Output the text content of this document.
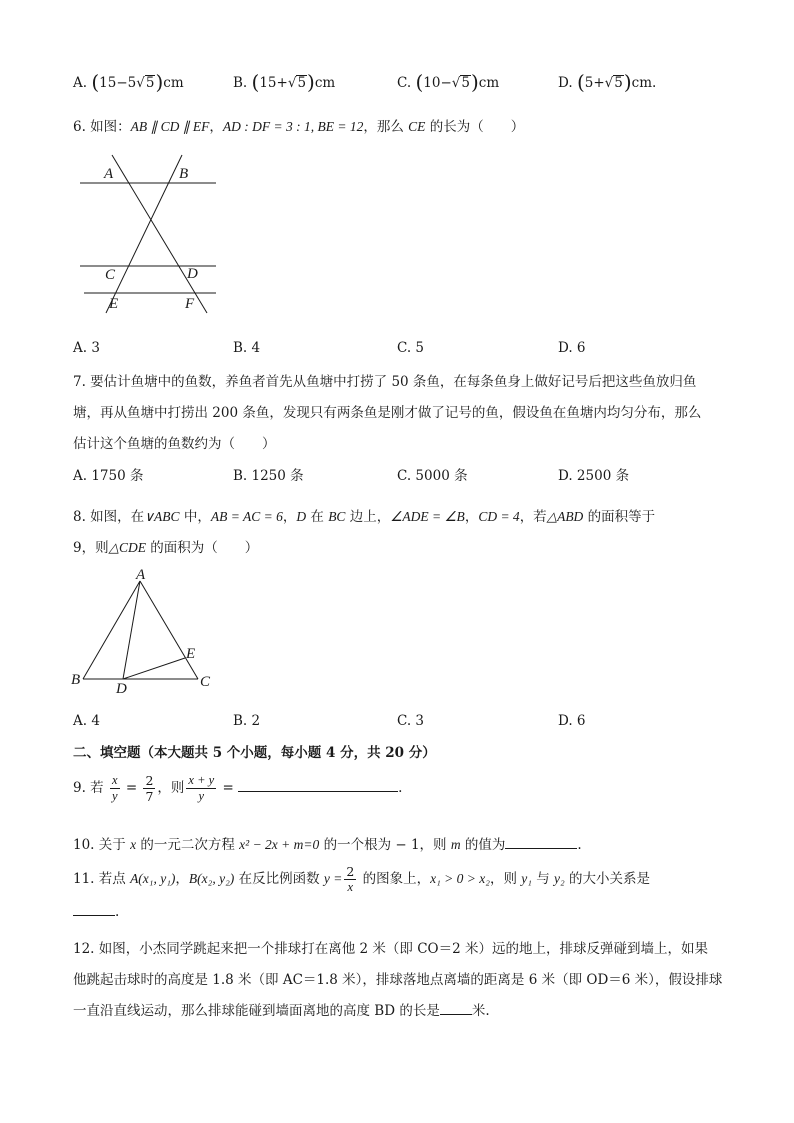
A. (15−5√5)cm	B. (15+√5)cm	C. (10−√5)cm	D. (5+√5)cm.
6. 如图：AB ∥ CD ∥ EF，AD : DF = 3 : 1, BE = 12，那么 CE 的长为（　　）
A	B
C	D
E	F
A. 3	B. 4	C. 5	D. 6
7. 要估计鱼塘中的鱼数，养鱼者首先从鱼塘中打捞了 50 条鱼，在每条鱼身上做好记号后把这些鱼放归鱼
塘，再从鱼塘中打捞出 200 条鱼，发现只有两条鱼是刚才做了记号的鱼，假设鱼在鱼塘内均匀分布，那么
估计这个鱼塘的鱼数约为（　　）
A. 1750 条	B. 1250 条	C. 5000 条	D. 2500 条
8. 如图，在∨ABC 中，AB = AC = 6，D 在 BC 边上，∠ADE = ∠B，CD = 4，若△ABD 的面积等于
9，则△CDE 的面积为（　　）
A
B	C
D
E
A. 4	B. 2	C. 3	D. 6
二、填空题（本大题共 5 个小题，每小题 4 分，共 20 分）
9. 若 $\frac{x}{y} = \frac{2}{7}$ ，则 $\frac{x + y}{y}$ =	.
10. 关于 x 的一元二次方程 x² − 2x + m=0 的一个根为 − 1，则 m 的值为	.
11. 若点 A(x₁, y₁)，B(x₂, y₂) 在反比例函数 $y = \frac{2}{x}$ 的图象上，x₁ > 0 > x₂，则 y₁ 与 y₂ 的大小关系是
.
12. 如图，小杰同学跳起来把一个排球打在离他 2 米（即 CO＝2 米）远的地上，排球反弹碰到墙上，如果
他跳起击球时的高度是 1.8 米（即 AC＝1.8 米），排球落地点离墙的距离是 6 米（即 OD＝6 米），假设排球
一直沿直线运动，那么排球能碰到墙面离地的高度 BD 的长是 米.
